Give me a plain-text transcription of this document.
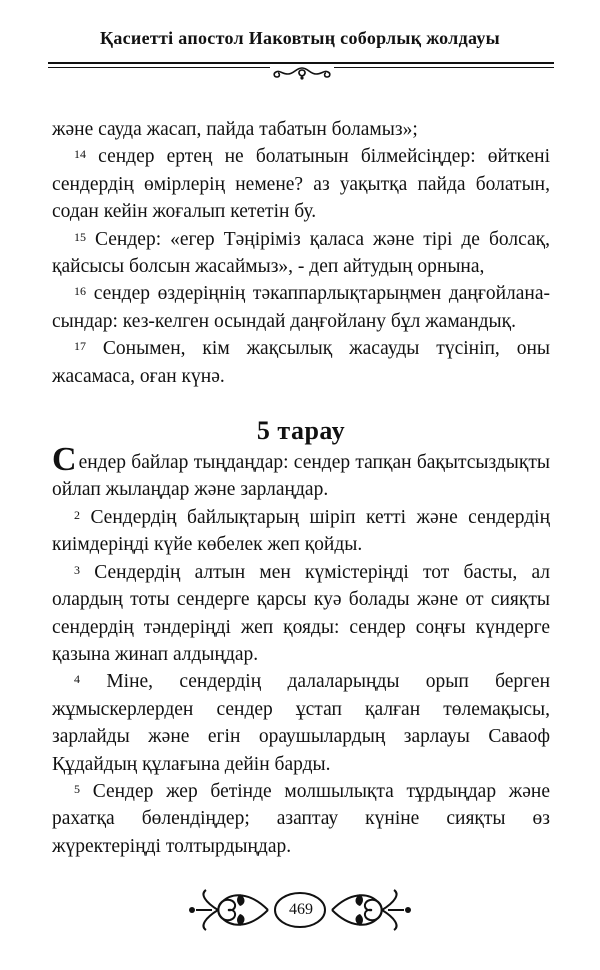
Қасиетті апостол Иаковтың соборлық жолдауы

және сауда жасап, пайда табатын боламыз»;

$^{14}$ сендер ертең не болатынын білмейсіңдер: өйткені сендердің өмірлерің немене? аз уақытқа пайда болатын, содан кейін жоғалып кететін бу.

$^{15}$ Сендер: «егер Тәңіріміз қаласа және тірі де болсақ, қайсысы болсын жасаймыз», - деп айтудың орнына,

$^{16}$ сендер өздеріңнің тәкаппарлықтарыңмен даңғойлана-сындар: кез-келген осындай даңғойлану бұл жамандық.

$^{17}$ Сонымен, кім жақсылық жасауды түсініп, оны жасамаса, оған күнә.

5 тарау

Сендер байлар тыңдаңдар: сендер тапқан бақытсыздықты ойлап жылаңдар және зарлаңдар.

$^2$ Сендердің байлықтарың шіріп кетті және сендердің киімдеріңді күйе көбелек жеп қойды.

$^3$ Сендердің алтын мен күмістеріңді тот басты, ал олардың тоты сендерге қарсы куә болады және от сияқты сендердің тәндеріңді жеп қояды: сендер соңғы күндерге қазына жинап алдыңдар.

$^4$ Міне, сендердің далаларыңды орып берген жұмыскерлерден сендер ұстап қалған төлемақысы, зарлайды және егін ораушылардың зарлауы Саваоф Құдайдың құлағына дейін барды.

$^5$ Сендер жер бетінде молшылықта тұрдыңдар және рахатқа бөлендіңдер; азаптау күніне сияқты өз жүректеріңді толтырдыңдар.

469
